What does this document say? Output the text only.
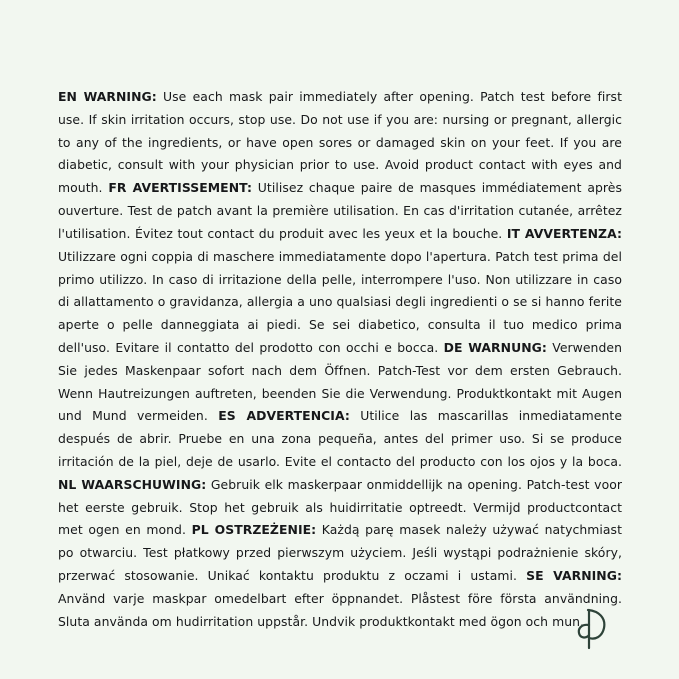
EN WARNING: Use each mask pair immediately after opening. Patch test before first use. If skin irritation occurs, stop use. Do not use if you are: nursing or pregnant, allergic to any of the ingredients, or have open sores or damaged skin on your feet. If you are diabetic, consult with your physician prior to use. Avoid product contact with eyes and mouth. FR AVERTISSEMENT: Utilisez chaque paire de masques immédiatement après ouverture. Test de patch avant la première utilisation. En cas d'irritation cutanée, arrêtez l'utilisation. Évitez tout contact du produit avec les yeux et la bouche. IT AVVERTENZA: Utilizzare ogni coppia di maschere immediatamente dopo l'apertura. Patch test prima del primo utilizzo. In caso di irritazione della pelle, interrompere l'uso. Non utilizzare in caso di allattamento o gravidanza, allergia a uno qualsiasi degli ingredienti o se si hanno ferite aperte o pelle danneggiata ai piedi. Se sei diabetico, consulta il tuo medico prima dell'uso. Evitare il contatto del prodotto con occhi e bocca. DE WARNUNG: Verwenden Sie jedes Maskenpaar sofort nach dem Öffnen. Patch-Test vor dem ersten Gebrauch. Wenn Hautreizungen auftreten, beenden Sie die Verwendung. Produktkontakt mit Augen und Mund vermeiden. ES ADVERTENCIA: Utilice las mascarillas inmediatamente después de abrir. Pruebe en una zona pequeña, antes del primer uso. Si se produce irritación de la piel, deje de usarlo. Evite el contacto del producto con los ojos y la boca. NL WAARSCHUWING: Gebruik elk maskerpaar onmiddellijk na opening. Patch-test voor het eerste gebruik. Stop het gebruik als huidirritatie optreedt. Vermijd productcontact met ogen en mond. PL OSTRZEŻENIE: Każdą parę masek należy używać natychmiast po otwarciu. Test płatkowy przed pierwszym użyciem. Jeśli wystąpi podrażnienie skóry, przerwać stosowanie. Unikać kontaktu produktu z oczami i ustami. SE VARNING: Använd varje maskpar omedelbart efter öppnandet. Plåstest före första användning. Sluta använda om hudirritation uppstår. Undvik produktkontakt med ögon och mun.
